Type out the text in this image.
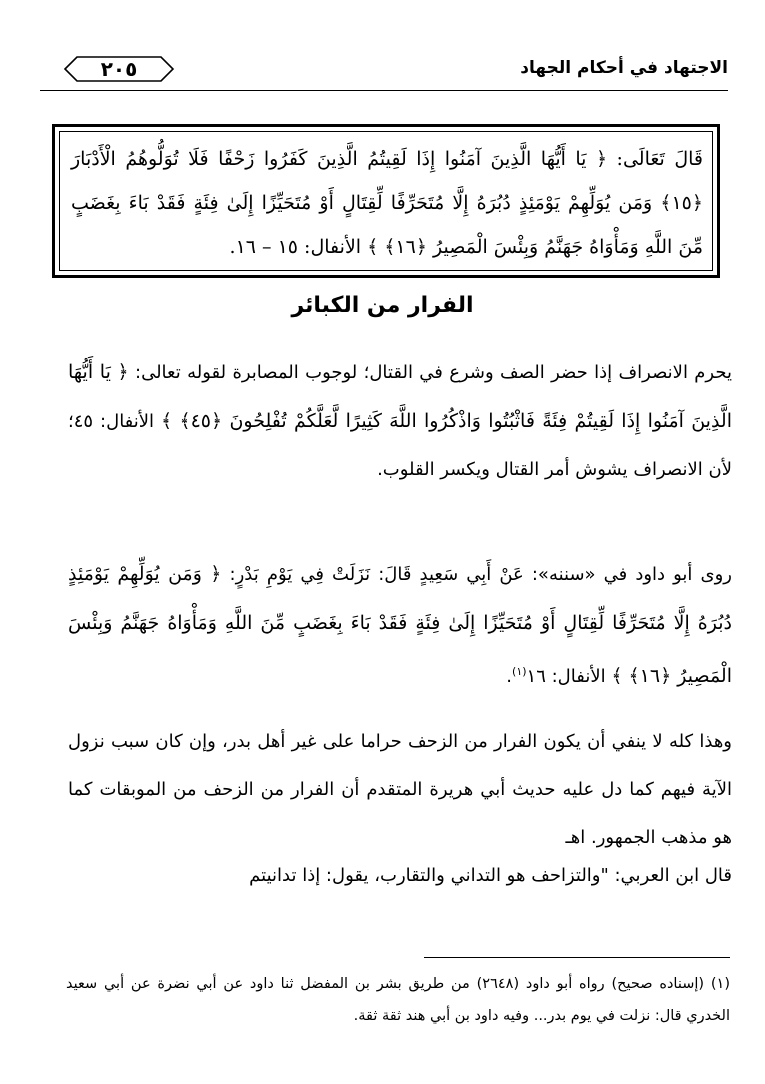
الاجتهاد في أحكام الجهاد
٢٠٥
قَالَ تَعَالَى: ﴿ يَا أَيُّهَا الَّذِينَ آمَنُوا إِذَا لَقِيتُمُ الَّذِينَ كَفَرُوا زَحْفًا فَلَا تُوَلُّوهُمُ الْأَدْبَارَ ﴿١٥﴾ وَمَن يُوَلِّهِمْ يَوْمَئِذٍ دُبُرَهُ إِلَّا مُتَحَرِّفًا لِّقِتَالٍ أَوْ مُتَحَيِّزًا إِلَىٰ فِئَةٍ فَقَدْ بَاءَ بِغَضَبٍ مِّنَ اللَّهِ وَمَأْوَاهُ جَهَنَّمُ وَبِئْسَ الْمَصِيرُ ﴿١٦﴾ ﴾ الأنفال: ١٥ – ١٦.
الفرار من الكبائر
يحرم الانصراف إذا حضر الصف وشرع في القتال؛ لوجوب المصابرة لقوله تعالى: ﴿ يَا أَيُّهَا الَّذِينَ آمَنُوا إِذَا لَقِيتُمْ فِئَةً فَاثْبُتُوا وَاذْكُرُوا اللَّهَ كَثِيرًا لَّعَلَّكُمْ تُفْلِحُونَ ﴿٤٥﴾ ﴾ الأنفال: ٤٥؛ لأن الانصراف يشوش أمر القتال ويكسر القلوب.
روى أبو داود في «سننه»: عَنْ أَبِي سَعِيدٍ قَالَ: نَزَلَتْ فِي يَوْمِ بَدْرٍ: ﴿ وَمَن يُوَلِّهِمْ يَوْمَئِذٍ دُبُرَهُ إِلَّا مُتَحَرِّفًا لِّقِتَالٍ أَوْ مُتَحَيِّزًا إِلَىٰ فِئَةٍ فَقَدْ بَاءَ بِغَضَبٍ مِّنَ اللَّهِ وَمَأْوَاهُ جَهَنَّمُ وَبِئْسَ الْمَصِيرُ ﴿١٦﴾ ﴾ الأنفال: ١٦$^{(١)}$.
وهذا كله لا ينفي أن يكون الفرار من الزحف حراما على غير أهل بدر، وإن كان سبب نزول الآية فيهم كما دل عليه حديث أبي هريرة المتقدم أن الفرار من الزحف من الموبقات كما هو مذهب الجمهور. اهـ
قال ابن العربي: "والتزاحف هو التداني والتقارب، يقول: إذا تدانيتم
(١) (إسناده صحيح) رواه أبو داود (٢٦٤٨) من طريق بشر بن المفضل ثنا داود عن أبي نضرة عن أبي سعيد الخدري قال: نزلت في يوم بدر... وفيه داود بن أبي هند ثقة ثقة.
